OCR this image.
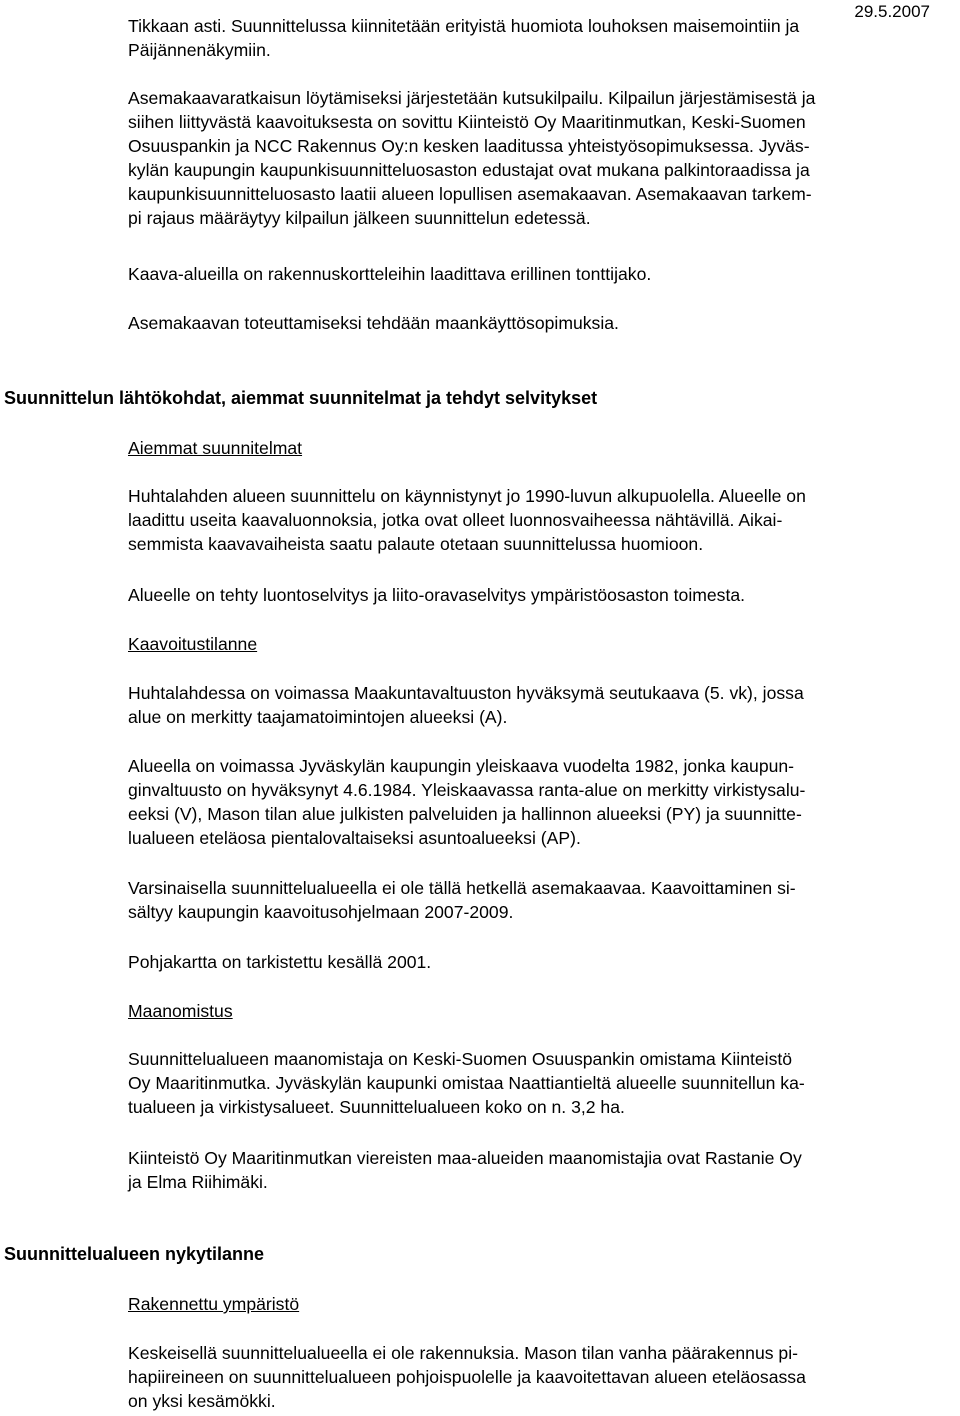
29.5.2007
Tikkaan asti. Suunnittelussa kiinnitetään erityistä huomiota louhoksen maisemointiin ja
Päijännenäkymiin.
Asemakaavaratkaisun löytämiseksi järjestetään kutsukilpailu. Kilpailun järjestämisestä ja
siihen liittyvästä kaavoituksesta on sovittu Kiinteistö Oy Maaritinmutkan, Keski-Suomen
Osuuspankin ja NCC Rakennus Oy:n kesken laaditussa yhteistyösopimuksessa. Jyväs-
kylän kaupungin kaupunkisuunnitteluosaston edustajat ovat mukana palkintoraadissa ja
kaupunkisuunnitteluosasto laatii alueen lopullisen asemakaavan. Asemakaavan tarkem-
pi rajaus määräytyy kilpailun jälkeen suunnittelun edetessä.
Kaava-alueilla on rakennuskortteleihin laadittava erillinen tonttijako.
Asemakaavan toteuttamiseksi tehdään maankäyttösopimuksia.
Suunnittelun lähtökohdat, aiemmat suunnitelmat ja tehdyt selvitykset
Aiemmat suunnitelmat
Huhtalahden alueen suunnittelu on käynnistynyt jo 1990-luvun alkupuolella. Alueelle on
laadittu useita kaavaluonnoksia, jotka ovat olleet luonnosvaiheessa nähtävillä. Aikai-
semmista kaavavaiheista saatu palaute otetaan suunnittelussa huomioon.
Alueelle on tehty luontoselvitys ja liito-oravaselvitys ympäristöosaston toimesta.
Kaavoitustilanne
Huhtalahdessa on voimassa Maakuntavaltuuston hyväksymä seutukaava (5. vk), jossa
alue on merkitty taajamatoimintojen alueeksi (A).
Alueella on voimassa Jyväskylän kaupungin yleiskaava vuodelta 1982, jonka kaupun-
ginvaltuusto on hyväksynyt 4.6.1984. Yleiskaavassa ranta-alue on merkitty virkistysalu-
eeksi (V), Mason tilan alue julkisten palveluiden ja hallinnon alueeksi (PY) ja suunnitte-
lualueen eteläosa pientalovaltaiseksi asuntoalueeksi (AP).
Varsinaisella suunnittelualueella ei ole tällä hetkellä asemakaavaa. Kaavoittaminen si-
sältyy kaupungin kaavoitusohjelmaan 2007-2009.
Pohjakartta on tarkistettu kesällä 2001.
Maanomistus
Suunnittelualueen maanomistaja on Keski-Suomen Osuuspankin omistama Kiinteistö
Oy Maaritinmutka. Jyväskylän kaupunki omistaa Naattiantieltä alueelle suunnitellun ka-
tualueen ja virkistysalueet. Suunnittelualueen koko on n. 3,2 ha.
Kiinteistö Oy Maaritinmutkan viereisten maa-alueiden maanomistajia ovat Rastanie Oy
ja Elma Riihimäki.
Suunnittelualueen nykytilanne
Rakennettu ympäristö
Keskeisellä suunnittelualueella ei ole rakennuksia. Mason tilan vanha päärakennus pi-
hapiireineen on suunnittelualueen pohjoispuolelle ja kaavoitettavan alueen eteläosassa
on yksi kesämökki.
